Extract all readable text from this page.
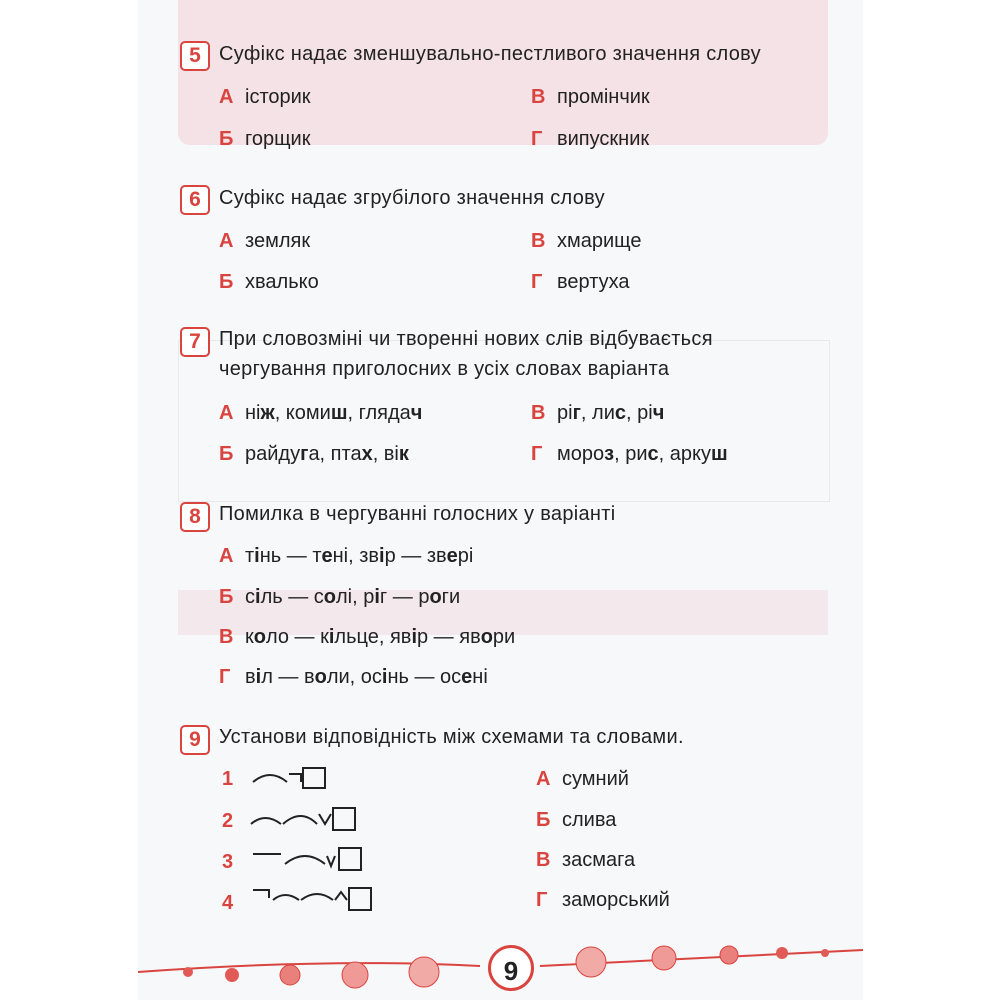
5 Суфікс надає зменшувально-пестливого значення слову
А історик
Б горщик
В промінчик
Г випускник
6 Суфікс надає згрубілого значення слову
А земляк
Б хвалько
В хмарище
Г вертуха
7 При словозміні чи творенні нових слів відбувається
чергування приголосних в усіх словах варіанта
А ніж, комиш, глядач
Б райдуга, птах, вік
В ріг, лис, річ
Г мороз, рис, аркуш
8 Помилка в чергуванні голосних у варіанті
А тінь — тені, звір — звері
Б сіль — солі, ріг — роги
В коло — кільце, явір — явори
Г віл — воли, осінь — осені
9 Установи відповідність між схемами та словами.
1
2
3
4
А сумний
Б слива
В засмага
Г заморський
9
